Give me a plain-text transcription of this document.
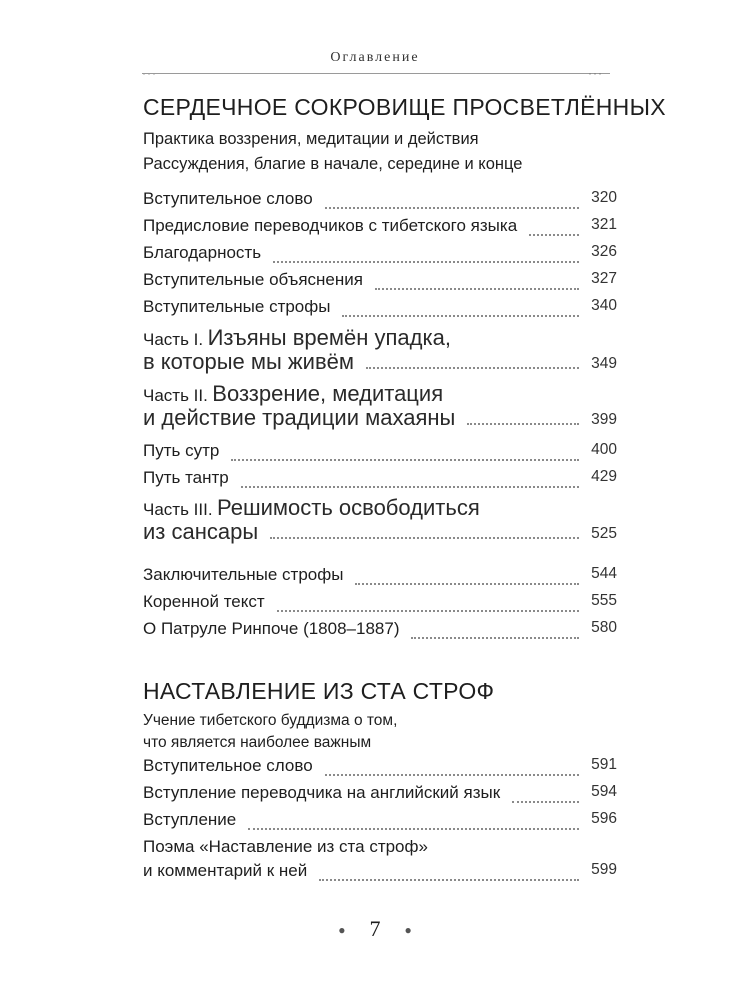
Оглавление
···	···
СЕРДЕЧНОЕ СОКРОВИЩЕ ПРОСВЕТЛЁННЫХ
Практика воззрения, медитации и действия
Рассуждения, благие в начале, середине и конце
Вступительное слово	320
Предисловие переводчиков с тибетского языка	321
Благодарность	326
Вступительные объяснения	327
Вступительные строфы	340
Часть I. Изъяны времён упадка,
в которые мы живём	349
Часть II. Воззрение, медитация
и действие традиции махаяны	399
Путь сутр	400
Путь тантр	429
Часть III. Решимость освободиться
из сансары	525
Заключительные строфы	544
Коренной текст	555
О Патруле Ринпоче (1808–1887)	580
НАСТАВЛЕНИЕ ИЗ СТА СТРОФ
Учение тибетского буддизма о том,
что является наиболее важным
Вступительное слово	591
Вступление переводчика на английский язык	594
Вступление	596
Поэма «Наставление из ста строф»
и комментарий к ней	599
● 7 ●
